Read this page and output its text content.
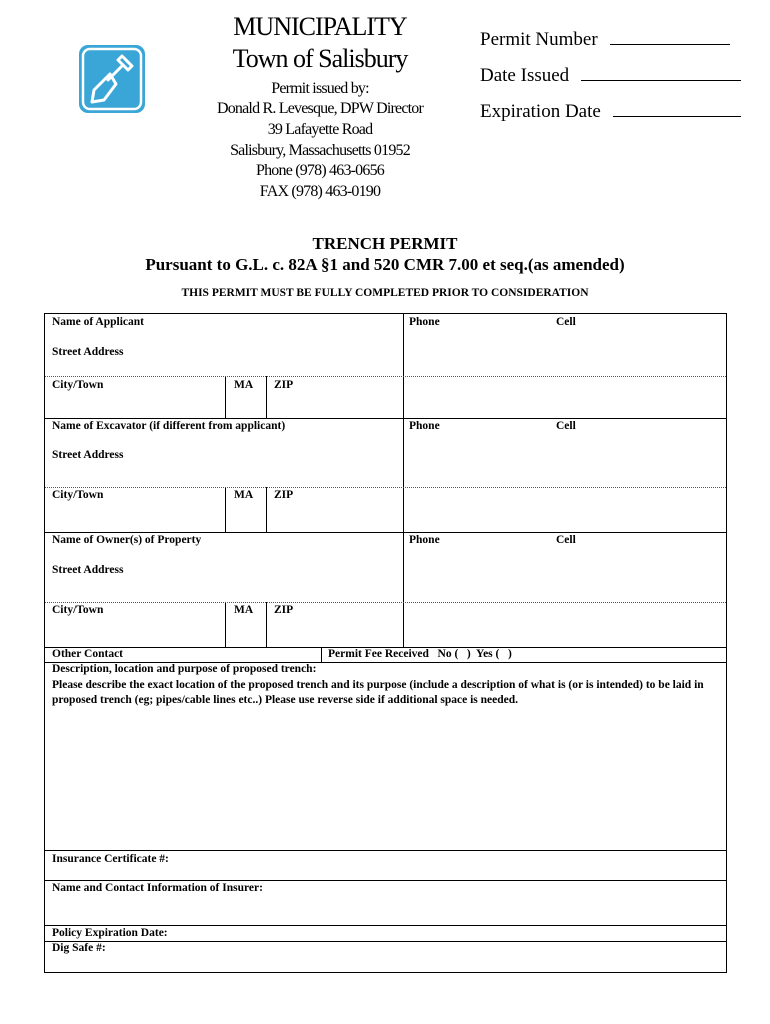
MUNICIPALITY
Town of Salisbury
Permit issued by:
Donald R. Levesque, DPW Director
39 Lafayette Road
Salisbury, Massachusetts 01952
Phone (978) 463-0656
FAX (978) 463-0190
Permit Number
Date Issued
Expiration Date
TRENCH PERMIT
Pursuant to G.L. c. 82A §1 and 520 CMR 7.00 et seq.(as amended)
THIS PERMIT MUST BE FULLY COMPLETED PRIOR TO CONSIDERATION
Name of Applicant	Phone	Cell
Street Address
City/Town	MA ZIP
Name of Excavator (if different from applicant)	Phone	Cell
Street Address
City/Town	MA ZIP
Name of Owner(s) of Property	Phone	Cell
Street Address
City/Town	MA ZIP
Other Contact	Permit Fee Received   No (   )  Yes (   )
Description, location and purpose of proposed trench:
Please describe the exact location of the proposed trench and its purpose (include a description of what is (or is intended) to be laid in proposed trench (eg; pipes/cable lines etc..) Please use reverse side if additional space is needed.
Insurance Certificate #:
Name and Contact Information of Insurer:
Policy Expiration Date:
Dig Safe #:
